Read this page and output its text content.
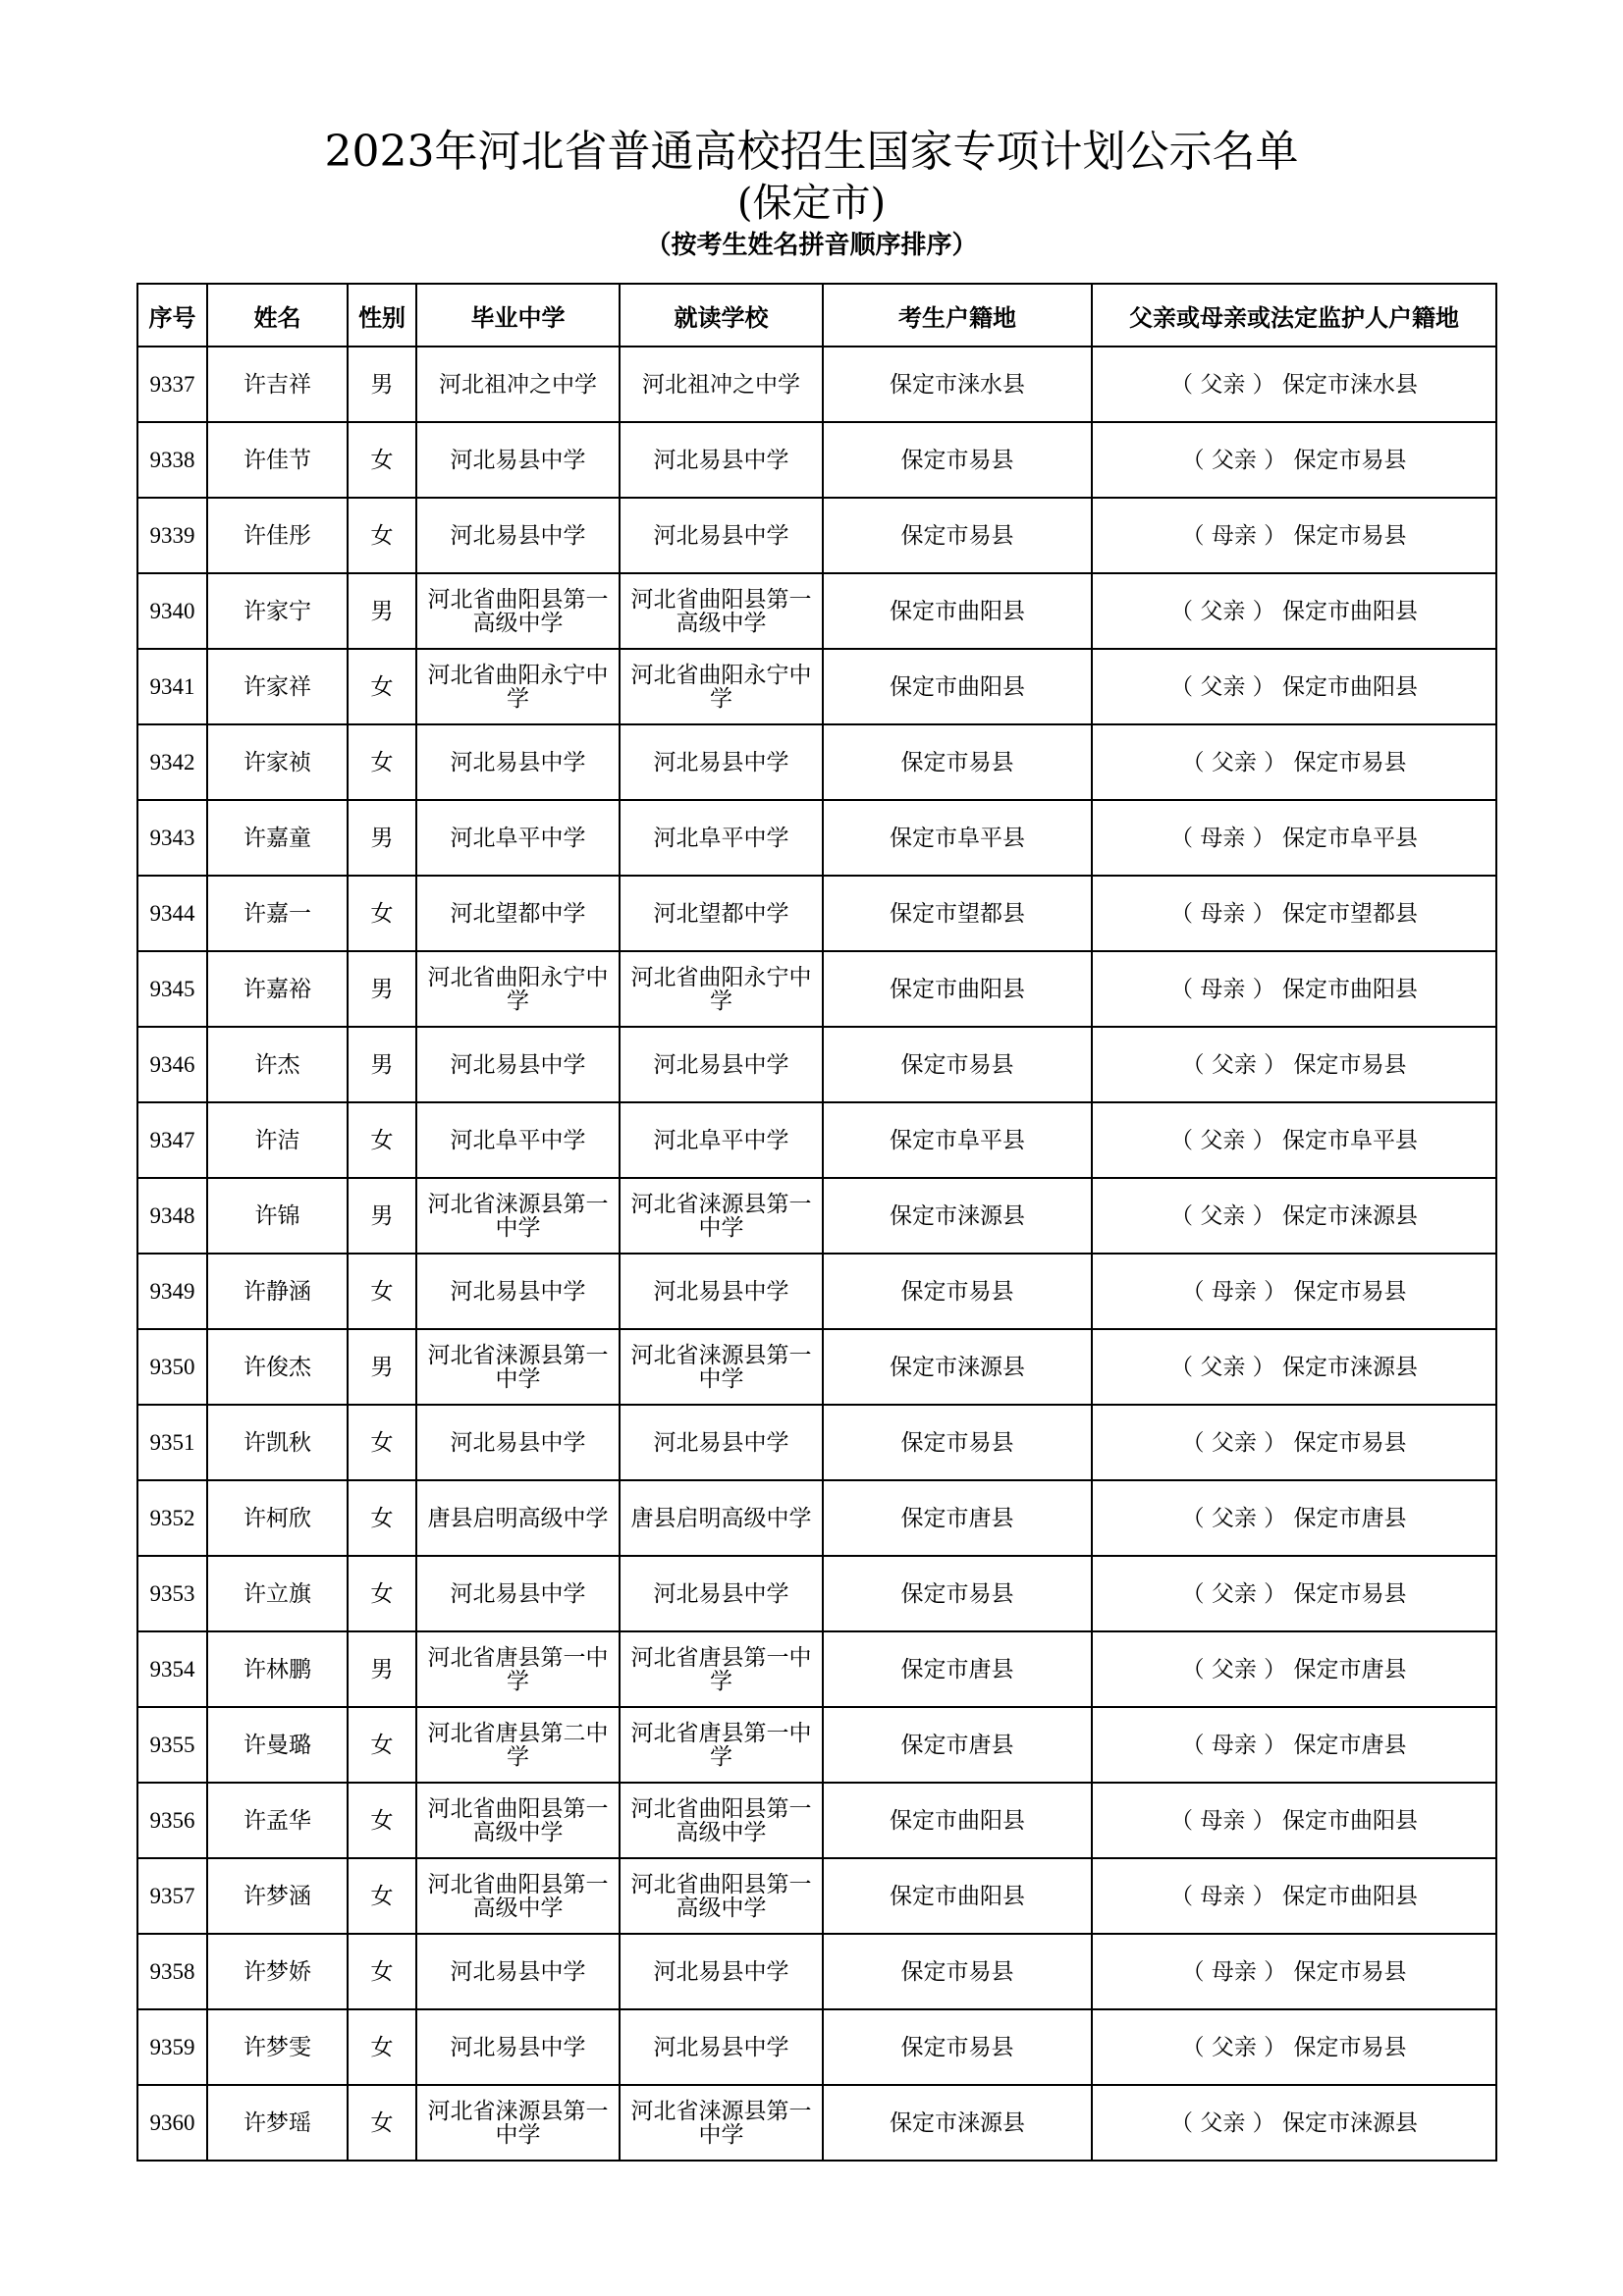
2023年河北省普通高校招生国家专项计划公示名单
(保定市)
（按考生姓名拼音顺序排序）
序号	姓名	性别	毕业中学	就读学校	考生户籍地	父亲或母亲或法定监护人户籍地
9337	许吉祥	男	河北祖冲之中学	河北祖冲之中学	保定市涞水县	（ 父亲 ） 保定市涞水县
9338	许佳节	女	河北易县中学	河北易县中学	保定市易县	（ 父亲 ） 保定市易县
9339	许佳彤	女	河北易县中学	河北易县中学	保定市易县	（ 母亲 ） 保定市易县
9340	许家宁	男	河北省曲阳县第一高级中学	河北省曲阳县第一高级中学	保定市曲阳县	（ 父亲 ） 保定市曲阳县
9341	许家祥	女	河北省曲阳永宁中学	河北省曲阳永宁中学	保定市曲阳县	（ 父亲 ） 保定市曲阳县
9342	许家祯	女	河北易县中学	河北易县中学	保定市易县	（ 父亲 ） 保定市易县
9343	许嘉童	男	河北阜平中学	河北阜平中学	保定市阜平县	（ 母亲 ） 保定市阜平县
9344	许嘉一	女	河北望都中学	河北望都中学	保定市望都县	（ 母亲 ） 保定市望都县
9345	许嘉裕	男	河北省曲阳永宁中学	河北省曲阳永宁中学	保定市曲阳县	（ 母亲 ） 保定市曲阳县
9346	许杰	男	河北易县中学	河北易县中学	保定市易县	（ 父亲 ） 保定市易县
9347	许洁	女	河北阜平中学	河北阜平中学	保定市阜平县	（ 父亲 ） 保定市阜平县
9348	许锦	男	河北省涞源县第一中学	河北省涞源县第一中学	保定市涞源县	（ 父亲 ） 保定市涞源县
9349	许静涵	女	河北易县中学	河北易县中学	保定市易县	（ 母亲 ） 保定市易县
9350	许俊杰	男	河北省涞源县第一中学	河北省涞源县第一中学	保定市涞源县	（ 父亲 ） 保定市涞源县
9351	许凯秋	女	河北易县中学	河北易县中学	保定市易县	（ 父亲 ） 保定市易县
9352	许柯欣	女	唐县启明高级中学	唐县启明高级中学	保定市唐县	（ 父亲 ） 保定市唐县
9353	许立旗	女	河北易县中学	河北易县中学	保定市易县	（ 父亲 ） 保定市易县
9354	许林鹏	男	河北省唐县第一中学	河北省唐县第一中学	保定市唐县	（ 父亲 ） 保定市唐县
9355	许曼璐	女	河北省唐县第二中学	河北省唐县第一中学	保定市唐县	（ 母亲 ） 保定市唐县
9356	许孟华	女	河北省曲阳县第一高级中学	河北省曲阳县第一高级中学	保定市曲阳县	（ 母亲 ） 保定市曲阳县
9357	许梦涵	女	河北省曲阳县第一高级中学	河北省曲阳县第一高级中学	保定市曲阳县	（ 母亲 ） 保定市曲阳县
9358	许梦娇	女	河北易县中学	河北易县中学	保定市易县	（ 母亲 ） 保定市易县
9359	许梦雯	女	河北易县中学	河北易县中学	保定市易县	（ 父亲 ） 保定市易县
9360	许梦瑶	女	河北省涞源县第一中学	河北省涞源县第一中学	保定市涞源县	（ 父亲 ） 保定市涞源县
